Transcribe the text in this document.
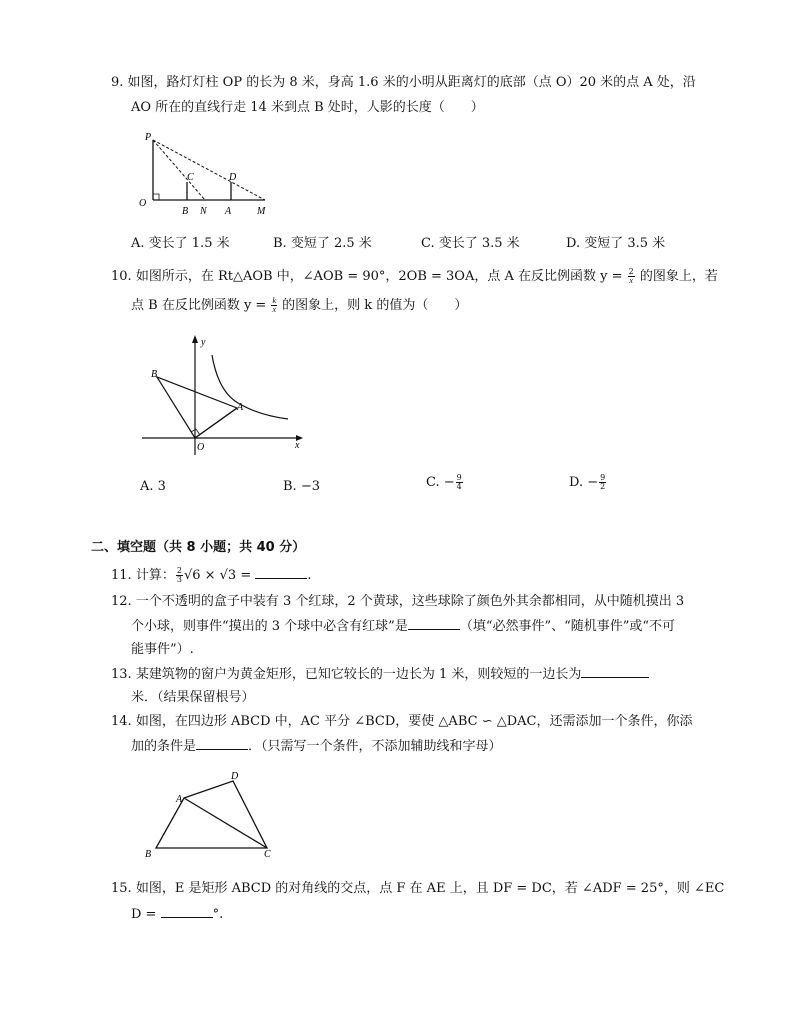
9. 如图，路灯灯柱 OP 的长为 8 米，身高 1.6 米的小明从距离灯的底部（点 O）20 米的点 A 处，沿
AO 所在的直线行走 14 米到点 B 处时，人影的长度（　　）
P
O
C	D
B N A	M
A. 变长了 1.5 米	B. 变短了 2.5 米	C. 变长了 3.5 米	D. 变短了 3.5 米
10. 如图所示，在 Rt△AOB 中，∠AOB = 90°，2OB = 3OA，点 A 在反比例函数 $y = \frac{2}{x}$ 的图象上，若
点 B 在反比例函数 $y = \frac{k}{x}$ 的图象上，则 k 的值为（　　）
y
B
A
O	x
A. 3	B. −3	C. − $\frac{9}{4}$	D. − $\frac{9}{2}$
二、填空题（共 8 小题；共 40 分）
11. 计算： $\frac{2}{3} √6 \times √3$ =	.
12. 一个不透明的盒子中装有 3 个红球，2 个黄球，这些球除了颜色外其余都相同，从中随机摸出 3
个小球，则事件“摸出的 3 个球中必含有红球”是	（填“必然事件”、“随机事件”或“不可
能事件”）.
13. 某建筑物的窗户为黄金矩形，已知它较长的一边长为 1 米，则较短的一边长为
米．（结果保留根号）
14. 如图，在四边形 ABCD 中，AC 平分 ∠BCD，要使 △ABC ∽ △DAC，还需添加一个条件，你添
加的条件是	．（只需写一个条件，不添加辅助线和字母）
D
A
B	C
15. 如图，E 是矩形 ABCD 的对角线的交点，点 F 在 AE 上，且 DF = DC，若 ∠ADF = 25°，则 ∠EC
D =	°.
